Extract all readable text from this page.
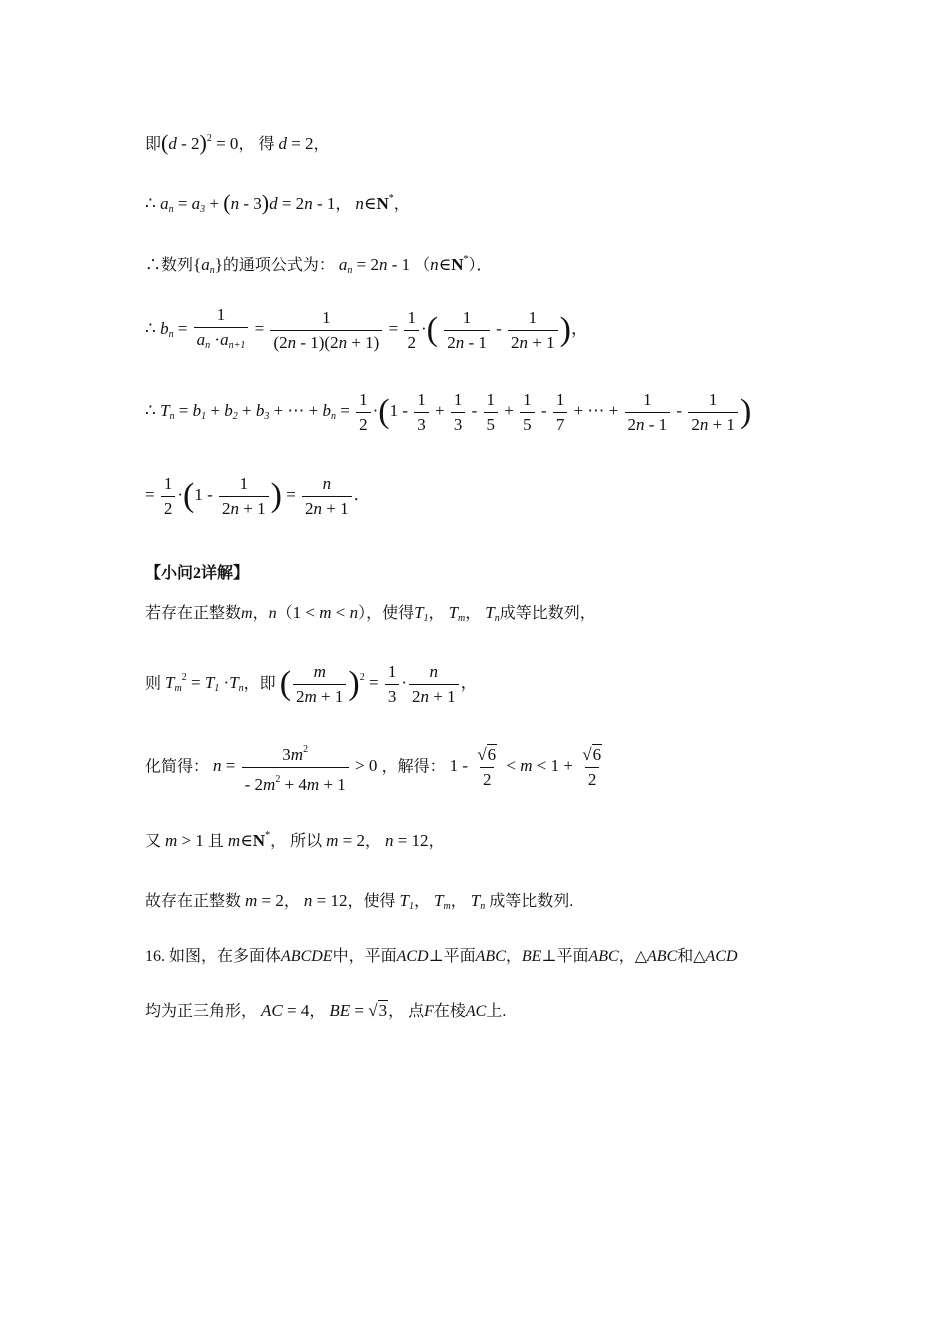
即(d - 2)$^2$ = 0， 得 d = 2，
∴ $a_n = a_3 + (n - 3)d = 2n - 1$， n∈N*，
∴数列$\{a_n\}$的通项公式为： $a_n = 2n - 1$ （n∈N*）．
∴ $b_n = \frac{1}{a_n \cdot a_{n+1}} = \frac{1}{(2n - 1)(2n + 1)} = \frac{1}{2}$ ·( $\frac{1}{2n - 1} - \frac{1}{2n + 1}$ )，
∴ $T_n = b_1 + b_2 + b_3$ + ⋯ + $b_n = \frac{1}{2} \cdot(1 - \frac{1}{3} + \frac{1}{3} - \frac{1}{5} + \frac{1}{5} - \frac{1}{7}$ + ⋯ + $\frac{1}{2n - 1} - \frac{1}{2n + 1}$ )
= $\frac{1}{2} \cdot(1 - \frac{1}{2n + 1}$ ) = $\frac{n}{2n + 1}$ ．
【小问2详解】
若存在正整数m，n（1 < m < n），使得$T_1$， $T_m$， $T_n$成等比数列，
则 $T_m^2 = T_1 \cdot T_n$，即 ( $\frac{m}{2m + 1} )^2 = \frac{1}{3} \cdot \frac{n}{2n + 1}$ ，
化简得： $n = \frac{3m^2}{- 2m^2 + 4m + 1} > 0$ ，解得： $1 - \frac{√6}{2} < m < 1 + \frac{√6}{2}$
又 m > 1 且 m∈N*， 所以 m = 2， n = 12，
故存在正整数 m = 2， n = 12，使得 $T_1$， $T_m$， $T_n$ 成等比数列.
16. 如图，在多面体ABCDE中，平面ACD⊥平面ABC，BE⊥平面ABC，△ABC和△ACD
均为正三角形， AC = 4， BE = √3， 点F在棱AC上.
